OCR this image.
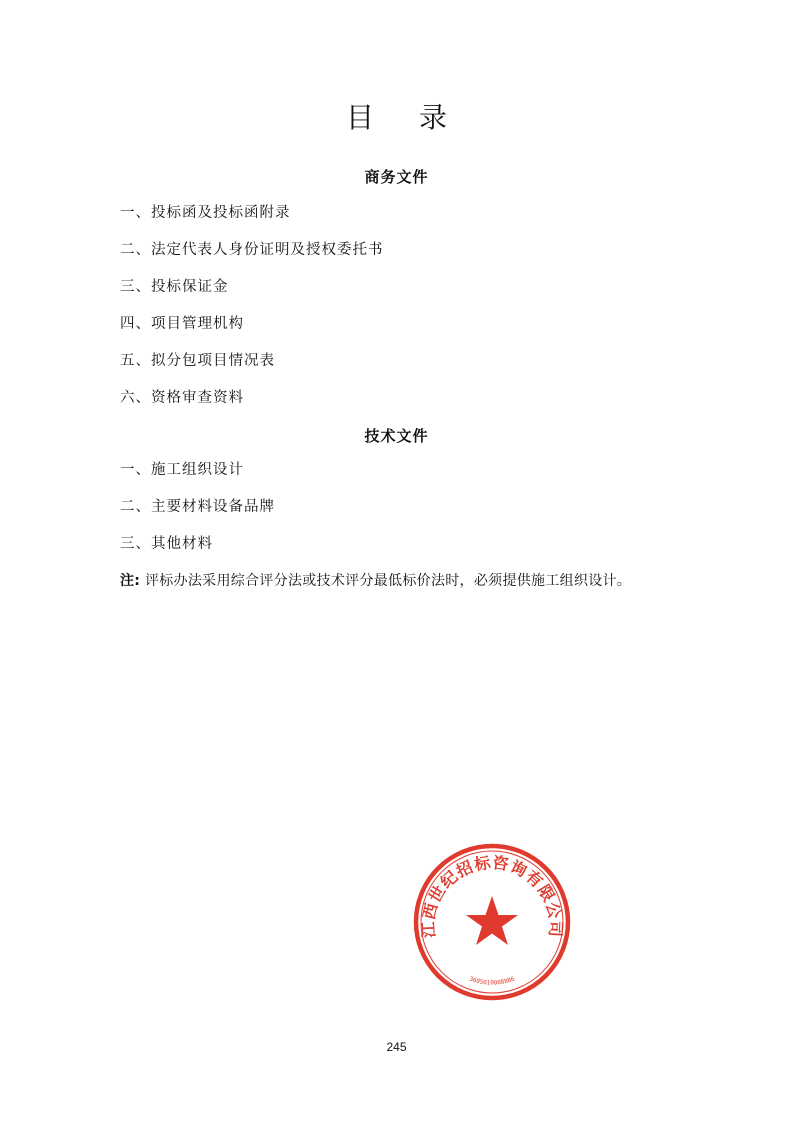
目 录
商务文件
一、投标函及投标函附录
二、法定代表人身份证明及授权委托书
三、投标保证金
四、项目管理机构
五、拟分包项目情况表
六、资格审查资料
技术文件
一、施工组织设计
二、主要材料设备品牌
三、其他材料
注: 评标办法采用综合评分法或技术评分最低标价法时，必须提供施工组织设计。
江西世纪招标咨询有限公司
3605010008886
245
